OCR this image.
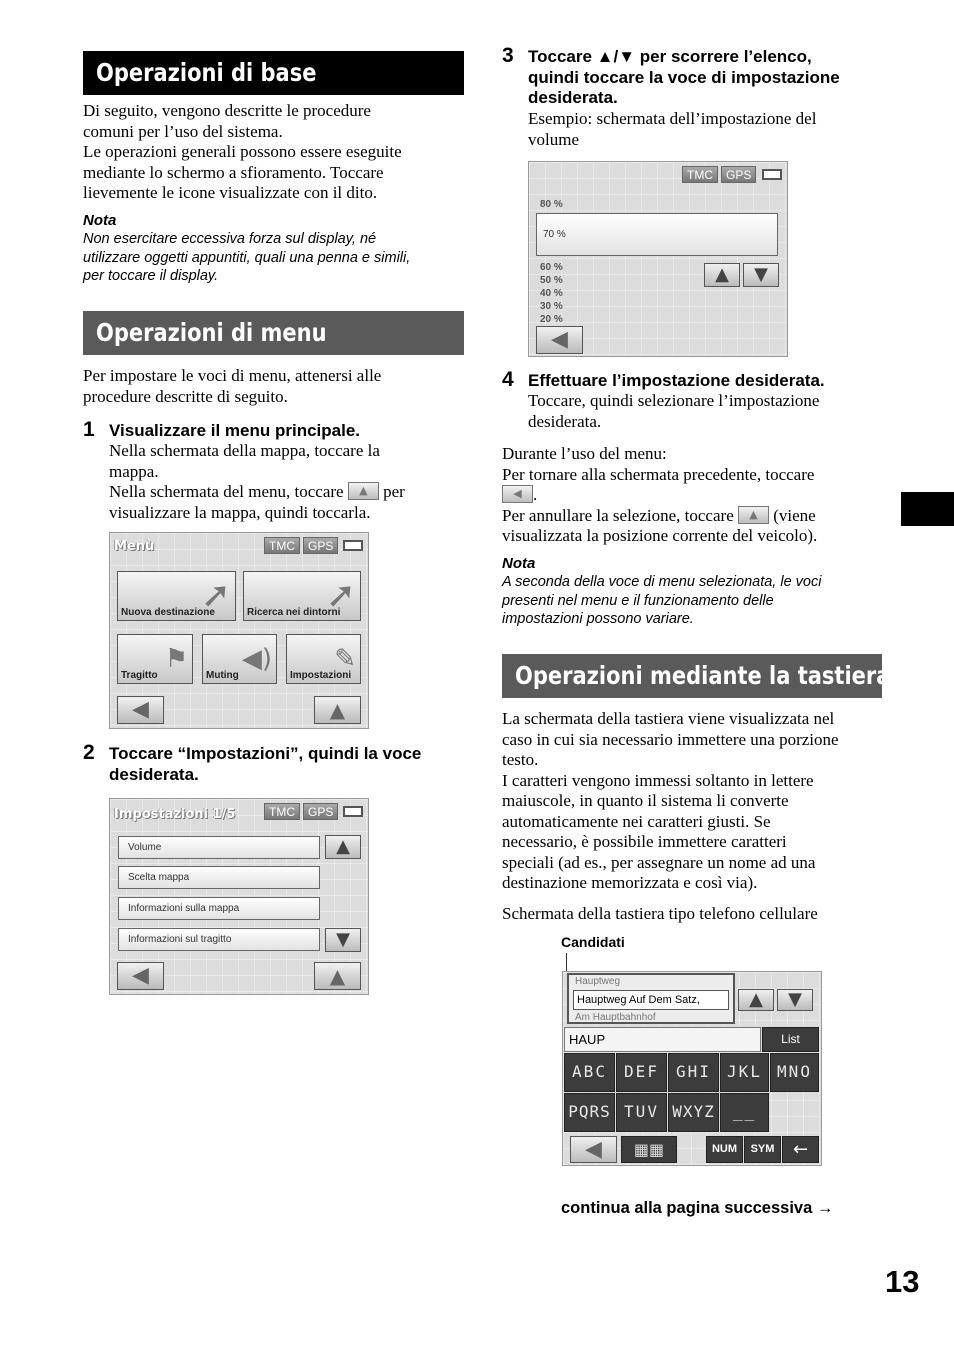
Operazioni di base
Di seguito, vengono descritte le procedure
comuni per l’uso del sistema.
Le operazioni generali possono essere eseguite
mediante lo schermo a sfioramento. Toccare
lievemente le icone visualizzate con il dito.
Nota
Non esercitare eccessiva forza sul display, né
utilizzare oggetti appuntiti, quali una penna e simili,
per toccare il display.
Operazioni di menu
Per impostare le voci di menu, attenersi alle
procedure descritte di seguito.
1 Visualizzare il menu principale.
Nella schermata della mappa, toccare la
mappa.
Nella schermata del menu, toccare	▲ per
visualizzare la mappa, quindi toccarla.
Menù	TMC	GPS
➚
Nuova destinazione	➚
Ricerca nei dintorni
⚑
Tragitto
◀)
Muting
✎
Impostazioni
◀	▲
2 Toccare “Impostazioni”, quindi la voce
desiderata.
Impostazioni 1/5	TMC	GPS
Volume
Scelta mappa
Informazioni sulla mappa
Informazioni sul tragitto
▲
▼
◀	▲
3 Toccare ▲/▼ per scorrere l’elenco,
quindi toccare la voce di impostazione
desiderata.
Esempio: schermata dell’impostazione del
volume
TMC	GPS
80 %
70 %
60 %
50 %
40 %
30 %
20 %
▲	▼
◀
4 Effettuare l’impostazione desiderata.
Toccare, quindi selezionare l’impostazione
desiderata.
Durante l’uso del menu:
Per tornare alla schermata precedente, toccare
◀ .
Per annullare la selezione, toccare	▲ (viene
visualizzata la posizione corrente del veicolo).
Nota
A seconda della voce di menu selezionata, le voci
presenti nel menu e il funzionamento delle
impostazioni possono variare.
Operazioni mediante la tastiera
La schermata della tastiera viene visualizzata nel
caso in cui sia necessario immettere una porzione
testo.
I caratteri vengono immessi soltanto in lettere
maiuscole, in quanto il sistema li converte
automaticamente nei caratteri giusti. Se
necessario, è possibile immettere caratteri
speciali (ad es., per assegnare un nome ad una
destinazione memorizzata e così via).
Schermata della tastiera tipo telefono cellulare
Candidati
Hauptweg
Hauptweg Auf Dem Satz,
Am Hauptbahnhof
▲	▼
HAUP	List
ABC	DEF	GHI	JKL MNO
PQRS TUV WXYZ	__
◀	▦▦	NUM	SYM	←
continua alla pagina successiva →
13
